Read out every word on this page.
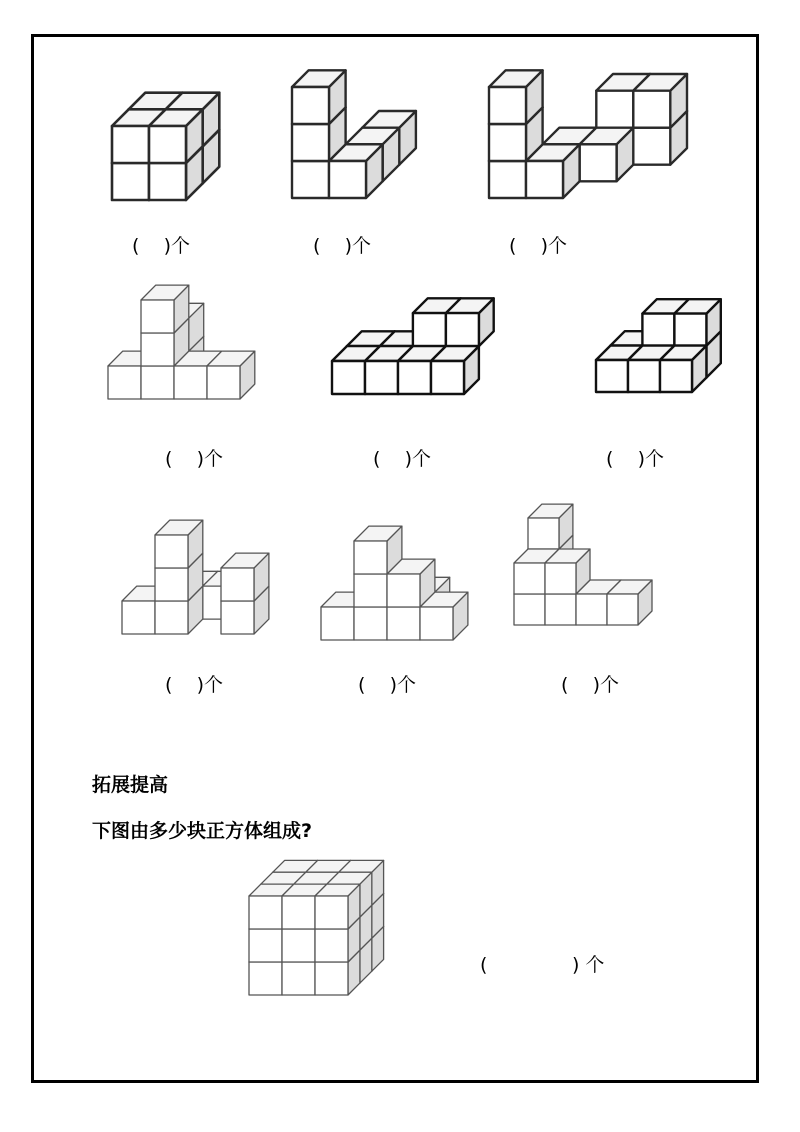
(    )个	(    )个	(    )个
(    )个	(    )个	(    )个
(    )个	(    )个	(    )个
拓展提高
下图由多少块正方体组成?
(              ) 个
